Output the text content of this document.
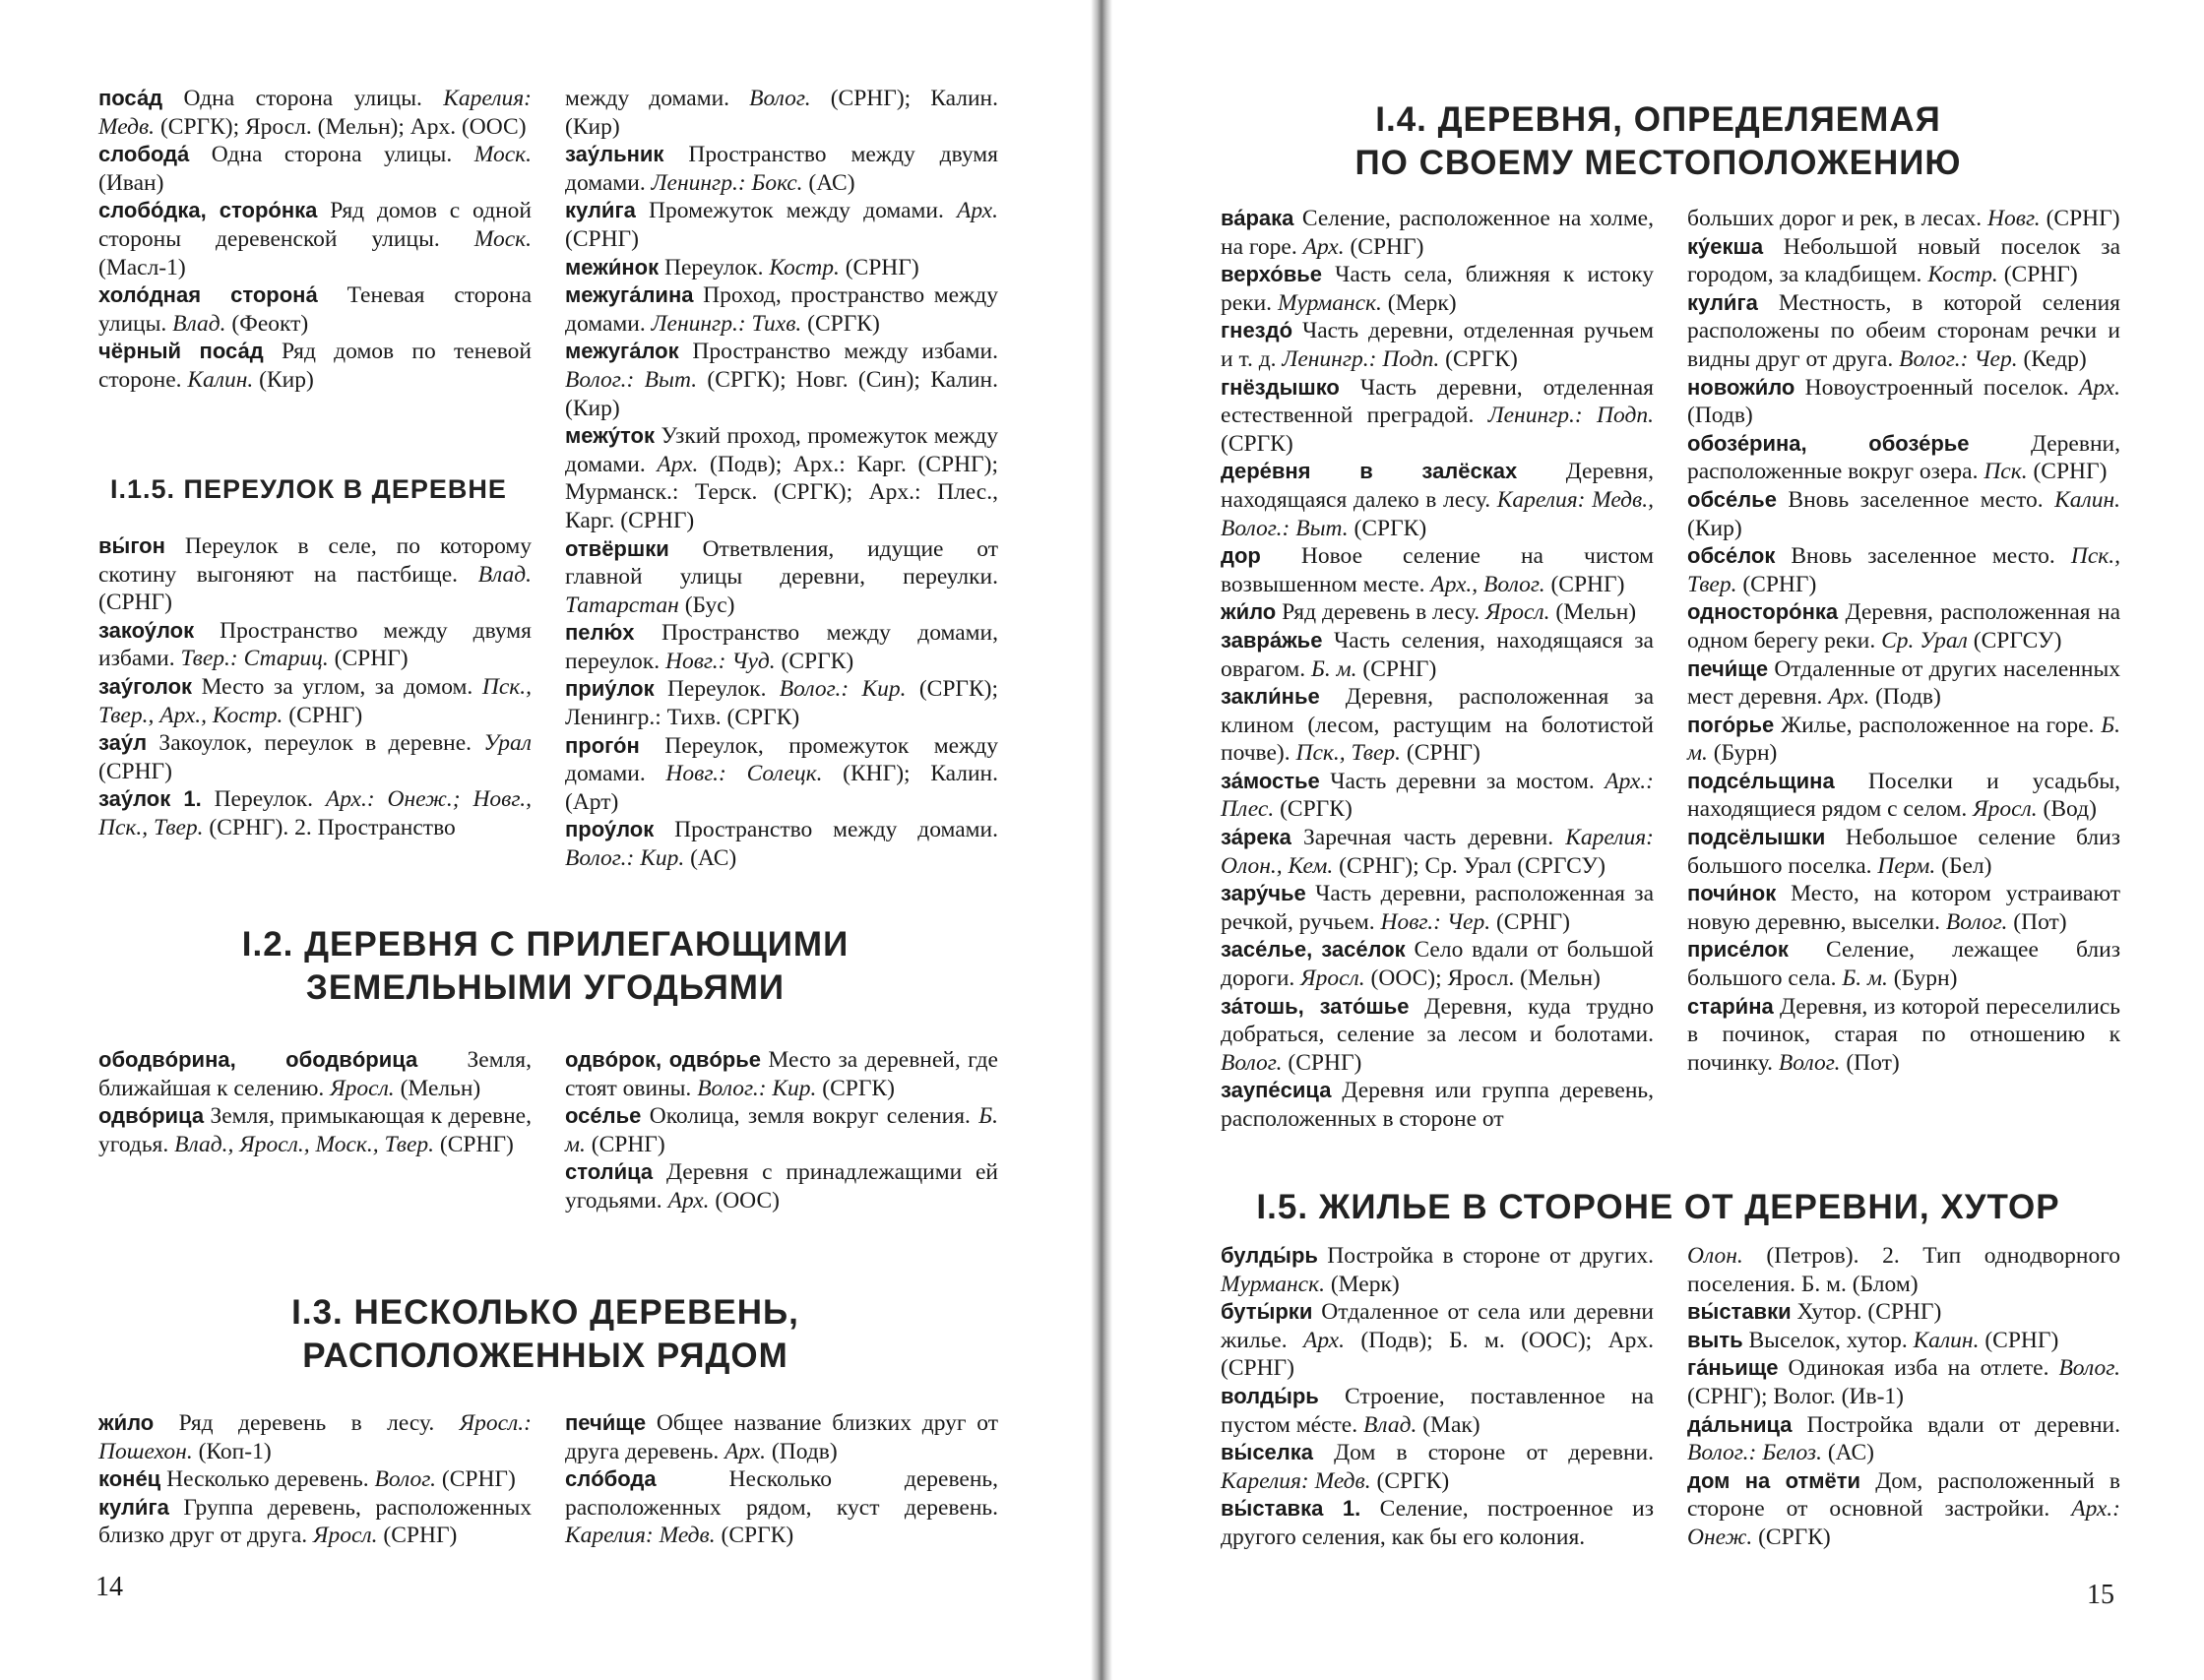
поса́д Одна сторона улицы. Карелия: Медв. (СРГК); Яросл. (Мельн); Арх. (ООС)

слобода́ Одна сторона улицы. Моск. (Иван)

слобо́дка, сторо́нка Ряд домов с одной стороны деревенской улицы. Моск. (Масл-1)

холо́дная сторона́ Теневая сторона улицы. Влад. (Феокт)

чёрный поса́д Ряд домов по теневой стороне. Калин. (Кир)

между домами. Волог. (СРНГ); Калин. (Кир)

зау́льник Пространство между двумя домами. Ленингр.: Бокс. (АС)

кули́га Промежуток между домами. Арх. (СРНГ)

межи́нок Переулок. Костр. (СРНГ)

межуга́лина Проход, пространство между домами. Ленингр.: Тихв. (СРГК)

межуга́лок Пространство между избами. Волог.: Выт. (СРГК); Новг. (Син); Калин. (Кир)

межу́ток Узкий проход, промежуток между домами. Арх. (Подв); Арх.: Карг. (СРНГ); Мурманск.: Терск. (СРГК); Арх.: Плес., Карг. (СРНГ)

отвёршки Ответвления, идущие от главной улицы деревни, переулки. Татарстан (Бус)

пелю́х Пространство между домами, переулок. Новг.: Чуд. (СРГК)

приу́лок Переулок. Волог.: Кир. (СРГК); Ленингр.: Тихв. (СРГК)

прого́н Переулок, промежуток между домами. Новг.: Солецк. (КНГ); Калин. (Арт)

проу́лок Пространство между домами. Волог.: Кир. (АС)

I.1.5. ПЕРЕУЛОК В ДЕРЕВНЕ

вы́гон Переулок в селе, по которому скотину выгоняют на пастбище. Влад. (СРНГ)

закоу́лок Пространство между двумя избами. Твер.: Стариц. (СРНГ)

зау́голок Место за углом, за домом. Пск., Твер., Арх., Костр. (СРНГ)

зау́л Закоулок, переулок в деревне. Урал (СРНГ)

зау́лок 1. Переулок. Арх.: Онеж.; Новг., Пск., Твер. (СРНГ). 2. Пространство

I.2. ДЕРЕВНЯ С ПРИЛЕГАЮЩИМИ
ЗЕМЕЛЬНЫМИ УГОДЬЯМИ

ободвóрина, ободвóрица Земля, ближайшая к селению. Яросл. (Мельн)

одвóрица Земля, примыкающая к деревне, угодья. Влад., Яросл., Моск., Твер. (СРНГ)

одвóрок, одвóрье Место за деревней, где стоят овины. Волог.: Кир. (СРГК)

осéлье Околица, земля вокруг селения. Б. м. (СРНГ)

столи́ца Деревня с принадлежащими ей угодьями. Арх. (ООС)

I.3. НЕСКОЛЬКО ДЕРЕВЕНЬ,
РАСПОЛОЖЕННЫХ РЯДОМ

жи́ло Ряд деревень в лесу. Яросл.: Пошехон. (Коп-1)

конéц Несколько деревень. Волог. (СРНГ)

кули́га Группа деревень, расположенных близко друг от друга. Яросл. (СРНГ)

печи́ще Общее название близких друг от друга деревень. Арх. (Подв)

слóбода Несколько деревень, расположенных рядом, куст деревень. Карелия: Медв. (СРГК)

14
I.4. ДЕРЕВНЯ, ОПРЕДЕЛЯЕМАЯ
ПО СВОЕМУ МЕСТОПОЛОЖЕНИЮ

ва́рака Селение, расположенное на холме, на горе. Арх. (СРНГ)

верхо́вье Часть села, ближняя к истоку реки. Мурманск. (Мерк)

гнездо́ Часть деревни, отделенная ручьем и т. д. Ленингр.: Подп. (СРГК)

гнёздышко Часть деревни, отделенная естественной преградой. Ленингр.: Подп. (СРГК)

дере́вня в залёсках Деревня, находящаяся далеко в лесу. Карелия: Медв., Волог.: Выт. (СРГК)

дор Новое селение на чистом возвышенном месте. Арх., Волог. (СРНГ)

жи́ло Ряд деревень в лесу. Яросл. (Мельн)

завра́жье Часть селения, находящаяся за оврагом. Б. м. (СРНГ)

закли́нье Деревня, расположенная за клином (лесом, растущим на болотистой почве). Пск., Твер. (СРНГ)

за́мостье Часть деревни за мостом. Арх.: Плес. (СРГК)

за́река Заречная часть деревни. Карелия: Олон., Кем. (СРНГ); Ср. Урал (СРГСУ)

зару́чье Часть деревни, расположенная за речкой, ручьем. Новг.: Чер. (СРНГ)

засе́лье, засе́лок Село вдали от большой дороги. Яросл. (ООС); Яросл. (Мельн)

за́тошь, зато́шье Деревня, куда трудно добраться, селение за лесом и болотами. Волог. (СРНГ)

заупе́сица Деревня или группа деревень, расположенных в стороне от

больших дорог и рек, в лесах. Новг. (СРНГ)

ку́екша Небольшой новый поселок за городом, за кладбищем. Костр. (СРНГ)

кули́га Местность, в которой селения расположены по обеим сторонам речки и видны друг от друга. Волог.: Чер. (Кедр)

новожи́ло Новоустроенный поселок. Арх. (Подв)

обозе́рина, обозе́рье Деревни, расположенные вокруг озера. Пск. (СРНГ)

обсе́лье Вновь заселенное место. Калин. (Кир)

обсе́лок Вновь заселенное место. Пск., Твер. (СРНГ)

односторо́нка Деревня, расположенная на одном берегу реки. Ср. Урал (СРГСУ)

печи́ще Отдаленные от других населенных мест деревня. Арх. (Подв)

пого́рье Жилье, расположенное на горе. Б. м. (Бурн)

подсе́льщина Поселки и усадьбы, находящиеся рядом с селом. Яросл. (Вод)

подсёлышки Небольшое селение близ большого поселка. Перм. (Бел)

почи́нок Место, на котором устраивают новую деревню, выселки. Волог. (Пот)

присе́лок Селение, лежащее близ большого села. Б. м. (Бурн)

стари́на Деревня, из которой переселились в починок, старая по отношению к починку. Волог. (Пот)

I.5. ЖИЛЬЕ В СТОРОНЕ ОТ ДЕРЕВНИ, ХУТОР

булды́рь Постройка в стороне от других. Мурманск. (Мерк)

буты́рки Отдаленное от села или деревни жилье. Арх. (Подв); Б. м. (ООС); Арх. (СРНГ)

волды́рь Строение, поставленное на пустом мéсте. Влад. (Мак)

вы́селка Дом в стороне от деревни. Карелия: Медв. (СРГК)

вы́ставка 1. Селение, построенное из другого селения, как бы его колония.

Олон. (Петров). 2. Тип однодворного поселения. Б. м. (Блом)

вы́ставки Хутор. (СРНГ)

выть Выселок, хутор. Калин. (СРНГ)

га́ньище Одинокая изба на отлете. Волог. (СРНГ); Волог. (Ив-1)

да́льница Постройка вдали от деревни. Волог.: Белоз. (АС)

дом на отмёти Дом, расположенный в стороне от основной застройки. Арх.: Онеж. (СРГК)

15
